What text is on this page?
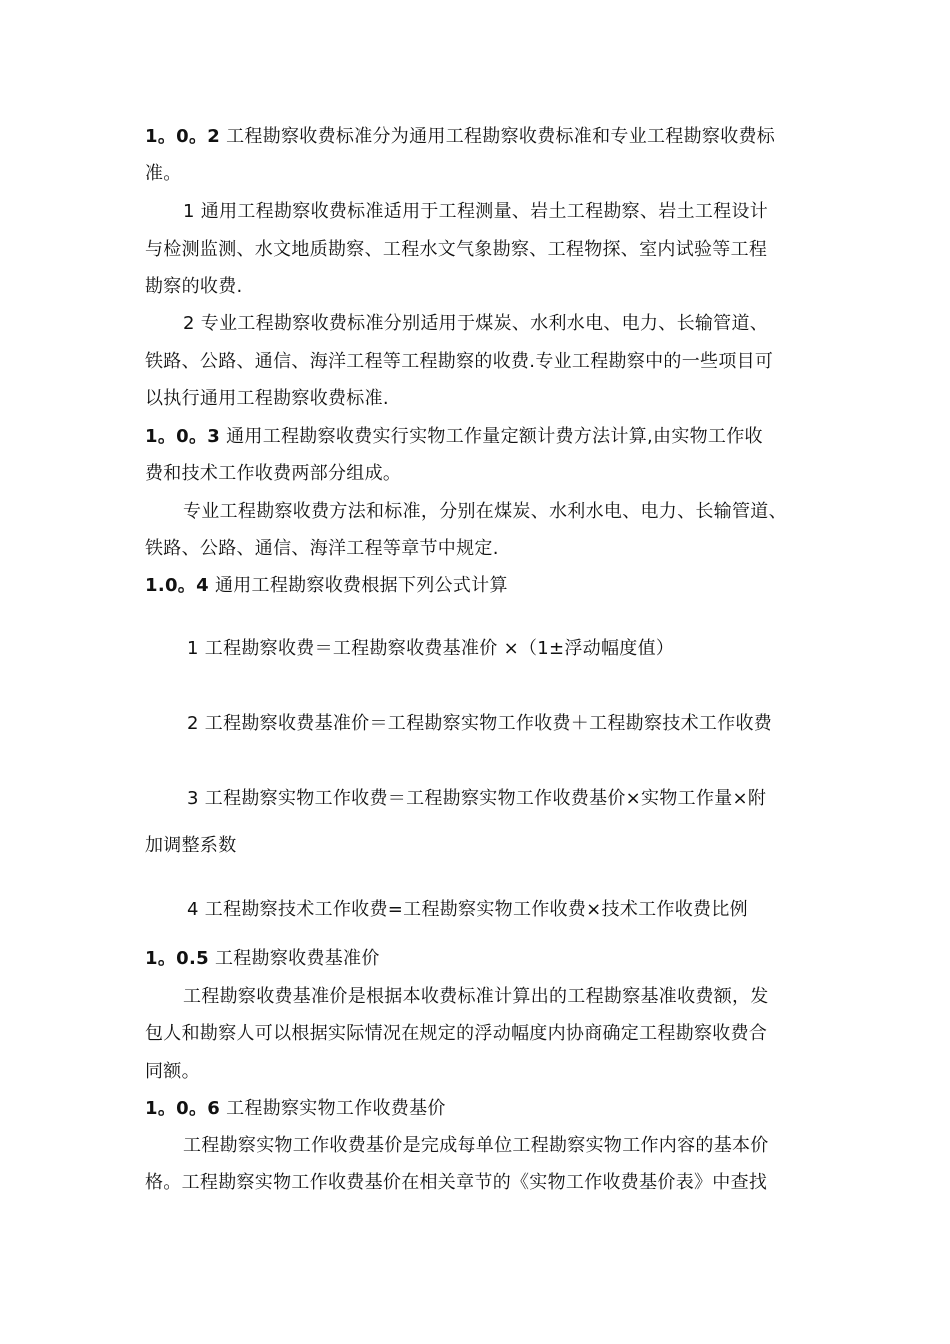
1。0。2 工程勘察收费标准分为通用工程勘察收费标准和专业工程勘察收费标
准。
1 通用工程勘察收费标准适用于工程测量、岩土工程勘察、岩土工程设计
与检测监测、水文地质勘察、工程水文气象勘察、工程物探、室内试验等工程
勘察的收费.
2 专业工程勘察收费标准分别适用于煤炭、水利水电、电力、长输管道、
铁路、公路、通信、海洋工程等工程勘察的收费.专业工程勘察中的一些项目可
以执行通用工程勘察收费标准.
1。0。3 通用工程勘察收费实行实物工作量定额计费方法计算,由实物工作收
费和技术工作收费两部分组成。
专业工程勘察收费方法和标准，分别在煤炭、水利水电、电力、长输管道、
铁路、公路、通信、海洋工程等章节中规定.
1.0。4 通用工程勘察收费根据下列公式计算
1 工程勘察收费＝工程勘察收费基准价 ×（1±浮动幅度值）
2 工程勘察收费基准价＝工程勘察实物工作收费＋工程勘察技术工作收费
3 工程勘察实物工作收费＝工程勘察实物工作收费基价×实物工作量×附
加调整系数
4 工程勘察技术工作收费=工程勘察实物工作收费×技术工作收费比例
1。0.5 工程勘察收费基准价
工程勘察收费基准价是根据本收费标准计算出的工程勘察基准收费额，发
包人和勘察人可以根据实际情况在规定的浮动幅度内协商确定工程勘察收费合
同额。
1。0。6 工程勘察实物工作收费基价
工程勘察实物工作收费基价是完成每单位工程勘察实物工作内容的基本价
格。工程勘察实物工作收费基价在相关章节的《实物工作收费基价表》中查找
